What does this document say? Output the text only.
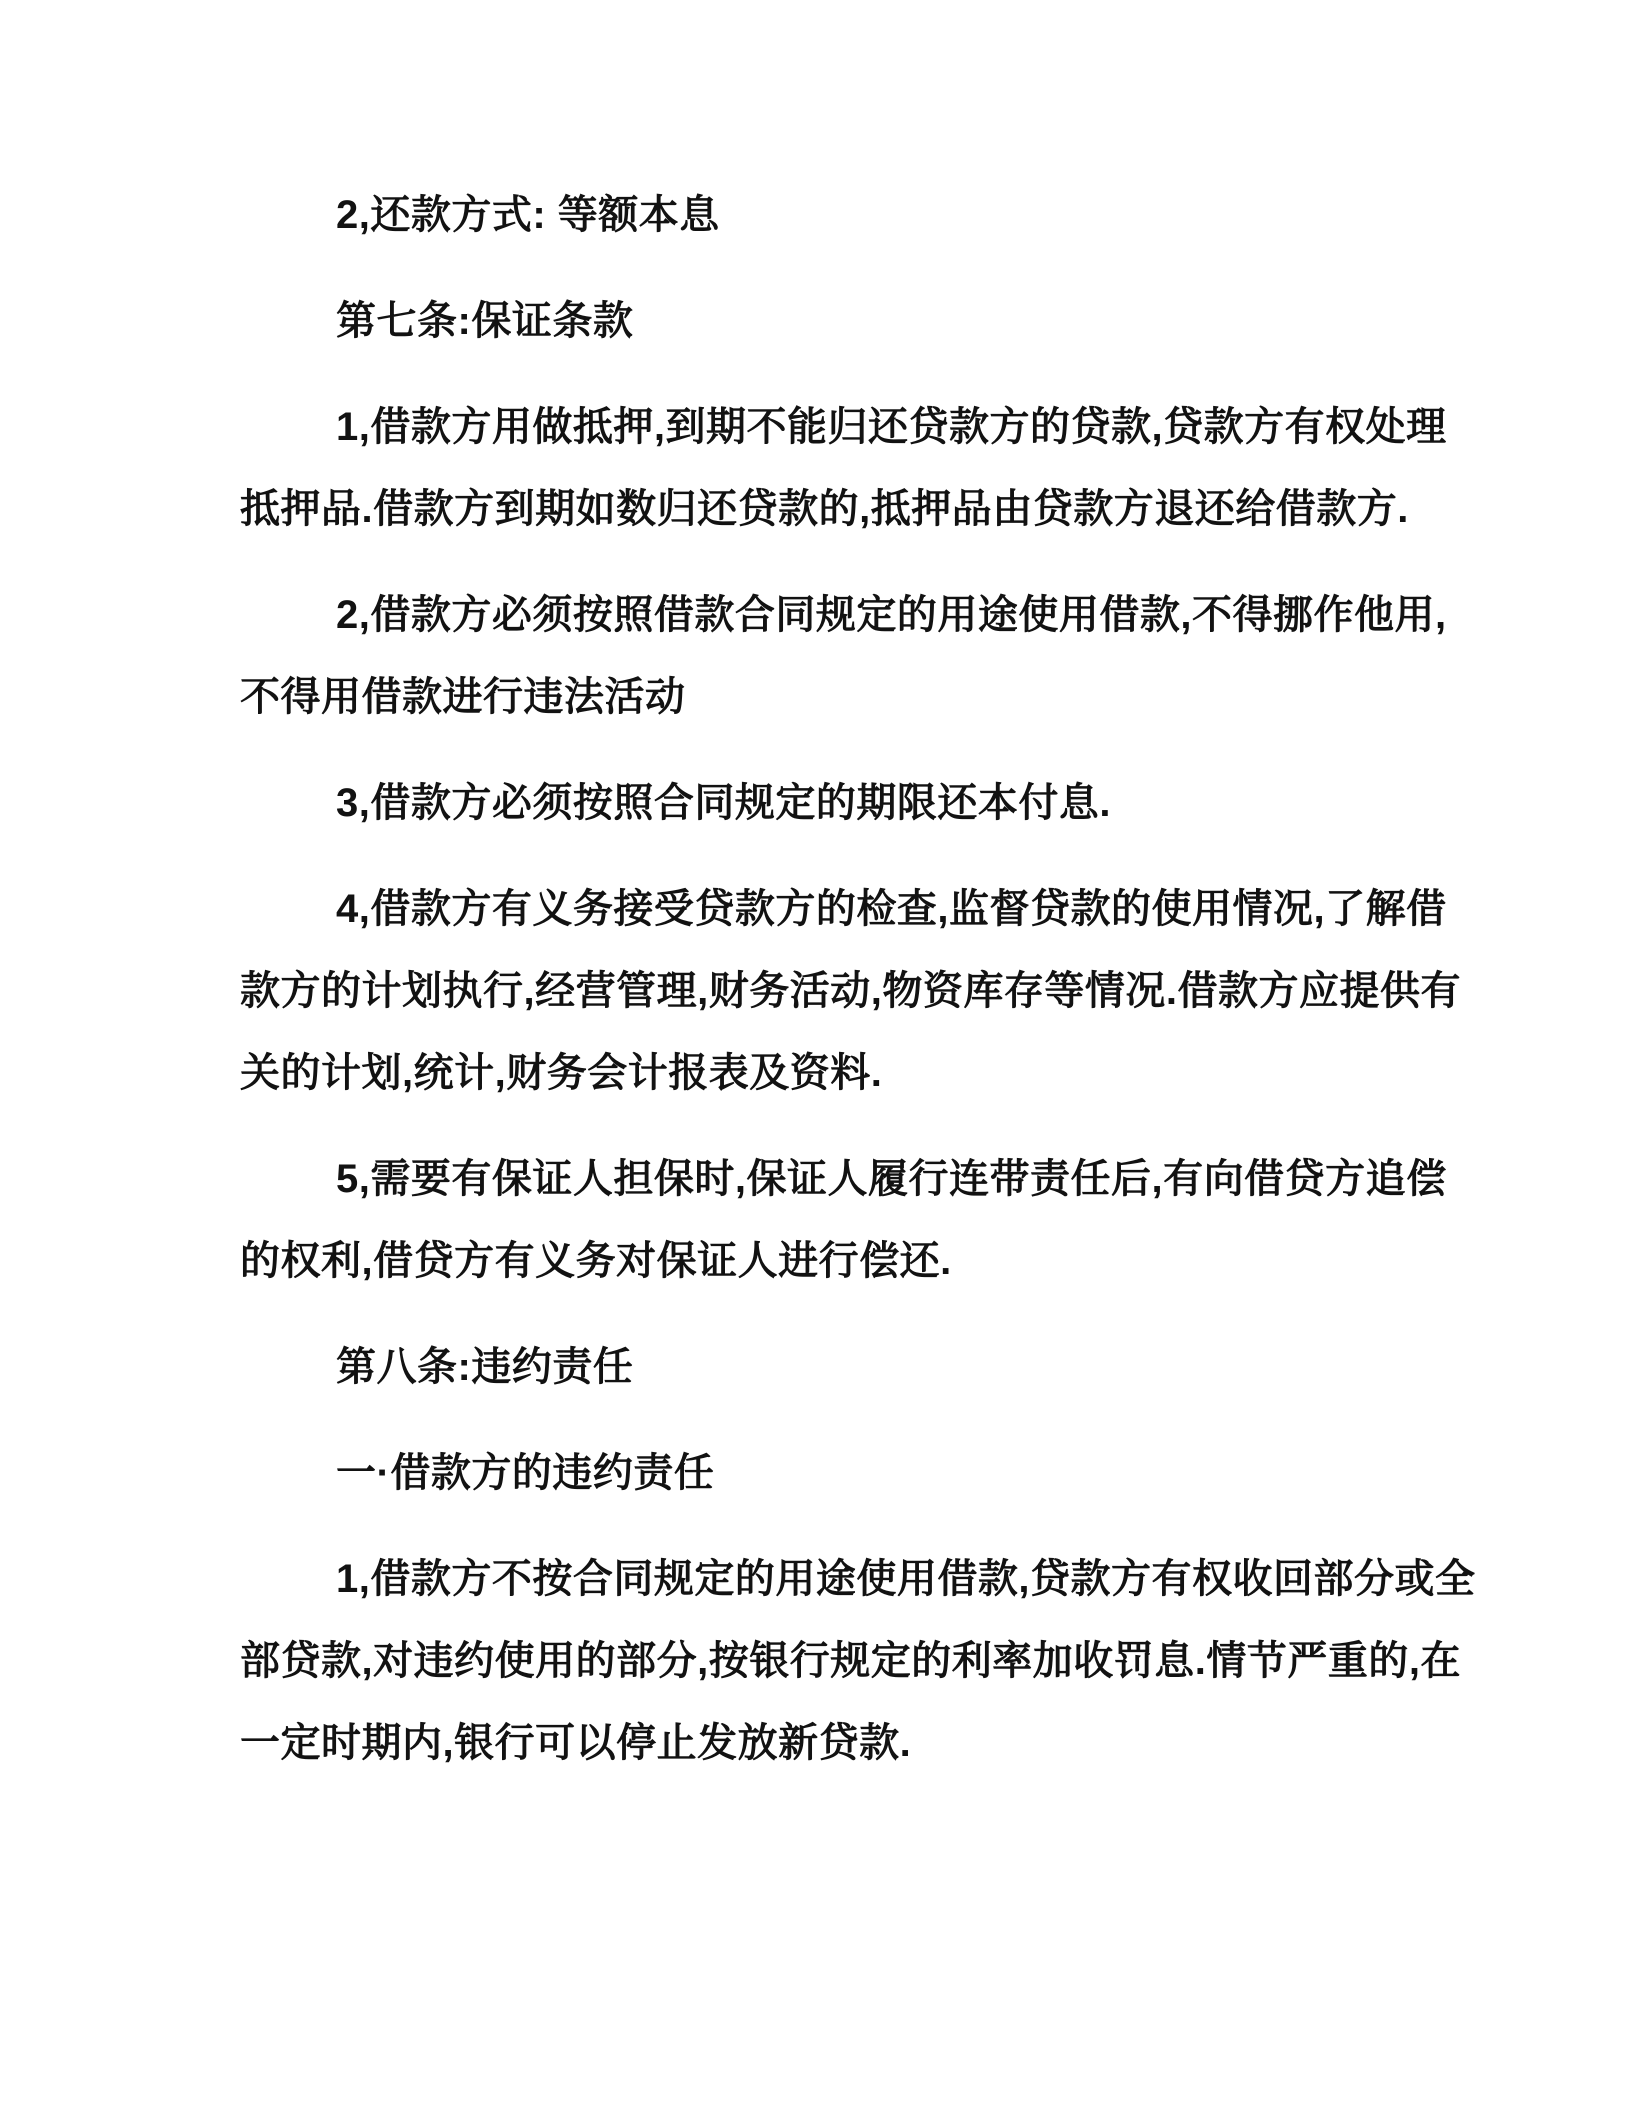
2,还款方式: 等额本息
第七条:保证条款
1,借款方用做抵押,到期不能归还贷款方的贷款,贷款方有权处理
抵押品.借款方到期如数归还贷款的,抵押品由贷款方退还给借款方.
2,借款方必须按照借款合同规定的用途使用借款,不得挪作他用,
不得用借款进行违法活动
3,借款方必须按照合同规定的期限还本付息.
4,借款方有义务接受贷款方的检查,监督贷款的使用情况,了解借
款方的计划执行,经营管理,财务活动,物资库存等情况.借款方应提供有
关的计划,统计,财务会计报表及资料.
5,需要有保证人担保时,保证人履行连带责任后,有向借贷方追偿
的权利,借贷方有义务对保证人进行偿还.
第八条:违约责任
一·借款方的违约责任
1,借款方不按合同规定的用途使用借款,贷款方有权收回部分或全
部贷款,对违约使用的部分,按银行规定的利率加收罚息.情节严重的,在
一定时期内,银行可以停止发放新贷款.
